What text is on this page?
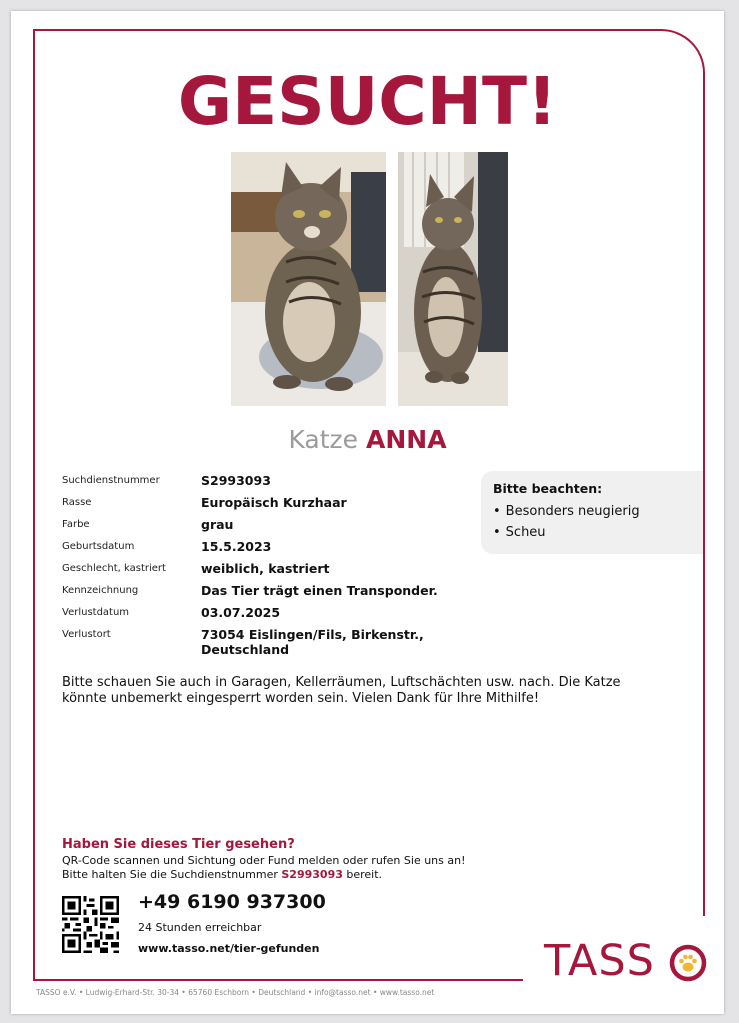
GESUCHT!
Katze ANNA
Suchdienstnummer	S2993093
Rasse	Europäisch Kurzhaar
Farbe	grau
Geburtsdatum	15.5.2023
Geschlecht, kastriert	weiblich, kastriert
Kennzeichnung	Das Tier trägt einen Transponder.
Verlustdatum	03.07.2025
Verlustort	73054 Eislingen/Fils, Birkenstr., Deutschland
Bitte beachten:
• Besonders neugierig
• Scheu

Bitte schauen Sie auch in Garagen, Kellerräumen, Luftschächten usw. nach. Die Katze könnte unbemerkt eingesperrt worden sein. Vielen Dank für Ihre Mithilfe!

Haben Sie dieses Tier gesehen?
QR-Code scannen und Sichtung oder Fund melden oder rufen Sie uns an!
Bitte halten Sie die Suchdienstnummer S2993093 bereit.
+49 6190 937300
24 Stunden erreichbar
www.tasso.net/tier-gefunden	TASS
TASSO e.V. • Ludwig-Erhard-Str. 30-34 • 65760 Eschborn • Deutschland • info@tasso.net • www.tasso.net
